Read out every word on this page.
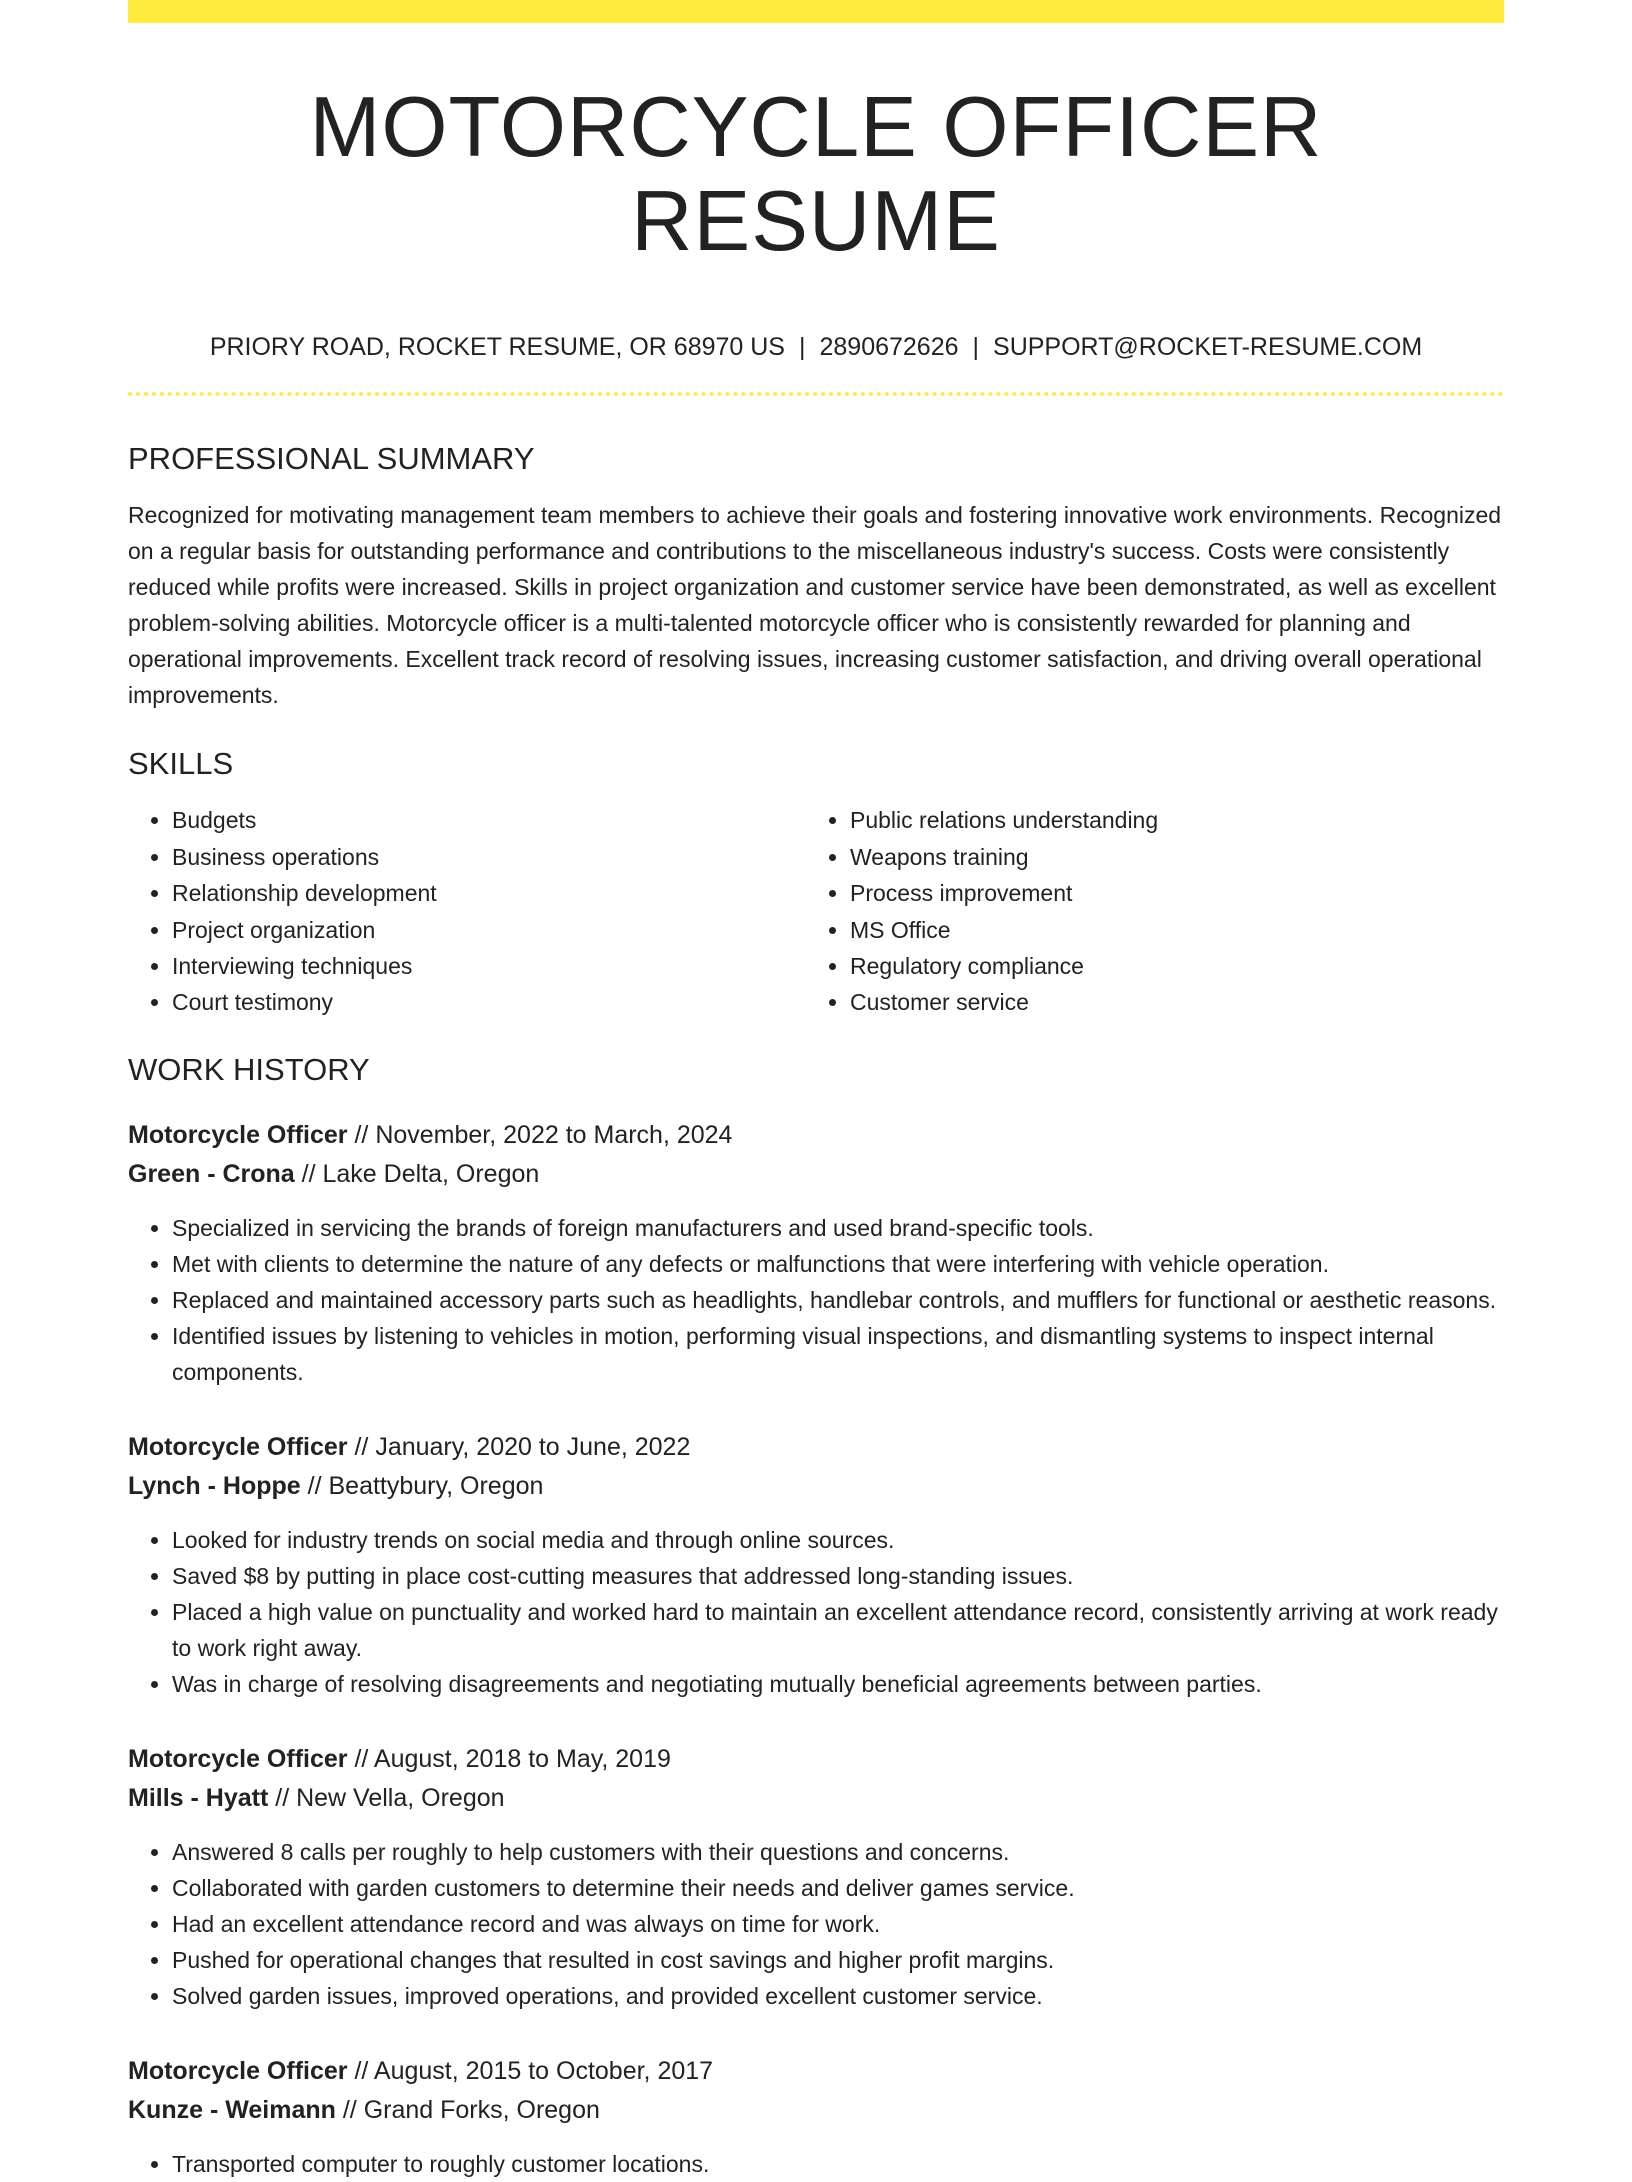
MOTORCYCLE OFFICER RESUME
PRIORY ROAD, ROCKET RESUME, OR 68970 US | 2890672626 | SUPPORT@ROCKET-RESUME.COM
PROFESSIONAL SUMMARY

Recognized for motivating management team members to achieve their goals and fostering innovative work environments. Recognized on a regular basis for outstanding performance and contributions to the miscellaneous industry's success. Costs were consistently reduced while profits were increased. Skills in project organization and customer service have been demonstrated, as well as excellent problem-solving abilities. Motorcycle officer is a multi-talented motorcycle officer who is consistently rewarded for planning and operational improvements. Excellent track record of resolving issues, increasing customer satisfaction, and driving overall operational improvements.

SKILLS
• Budgets
• Business operations
• Relationship development
• Project organization
• Interviewing techniques
• Court testimony
• Public relations understanding
• Weapons training
• Process improvement
• MS Office
• Regulatory compliance
• Customer service
WORK HISTORY
Motorcycle Officer // November, 2022 to March, 2024
Green - Crona // Lake Delta, Oregon
• Specialized in servicing the brands of foreign manufacturers and used brand-specific tools.
• Met with clients to determine the nature of any defects or malfunctions that were interfering with vehicle operation.
• Replaced and maintained accessory parts such as headlights, handlebar controls, and mufflers for functional or aesthetic reasons.
• Identified issues by listening to vehicles in motion, performing visual inspections, and dismantling systems to inspect internal components.
Motorcycle Officer // January, 2020 to June, 2022
Lynch - Hoppe // Beattybury, Oregon
• Looked for industry trends on social media and through online sources.
• Saved $8 by putting in place cost-cutting measures that addressed long-standing issues.
• Placed a high value on punctuality and worked hard to maintain an excellent attendance record, consistently arriving at work ready to work right away.
• Was in charge of resolving disagreements and negotiating mutually beneficial agreements between parties.
Motorcycle Officer // August, 2018 to May, 2019
Mills - Hyatt // New Vella, Oregon
• Answered 8 calls per roughly to help customers with their questions and concerns.
• Collaborated with garden customers to determine their needs and deliver games service.
• Had an excellent attendance record and was always on time for work.
• Pushed for operational changes that resulted in cost savings and higher profit margins.
• Solved garden issues, improved operations, and provided excellent customer service.
Motorcycle Officer // August, 2015 to October, 2017
Kunze - Weimann // Grand Forks, Oregon
• Transported computer to roughly customer locations.
